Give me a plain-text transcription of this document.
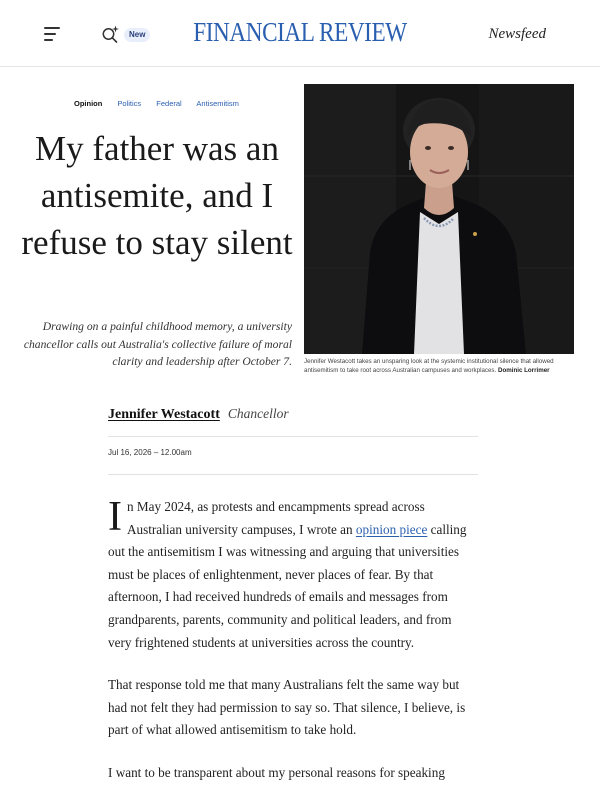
New FINANCIAL REVIEW	Newsfeed
Opinion Politics Federal Antisemitism
My father was an antisemite, and I refuse to stay silent

Drawing on a painful childhood memory, a university chancellor calls out Australia's collective failure of moral clarity and leadership after October 7. Jennifer Westacott takes an unsparing look at the systemic institutional silence that allowed antisemitism to take root across Australian campuses and workplaces. Dominic Lorrimer
Jennifer Westacott Chancellor
Jul 16, 2026 – 12.00am

In May 2024, as protests and encampments spread across Australian university campuses, I wrote an opinion piece calling out the antisemitism I was witnessing and arguing that universities must be places of enlightenment, never places of fear. By that afternoon, I had received hundreds of emails and messages from grandparents, parents, community and political leaders, and from very frightened students at universities across the country.

That response told me that many Australians felt the same way but had not felt they had permission to say so. That silence, I believe, is part of what allowed antisemitism to take hold.

I want to be transparent about my personal reasons for speaking
